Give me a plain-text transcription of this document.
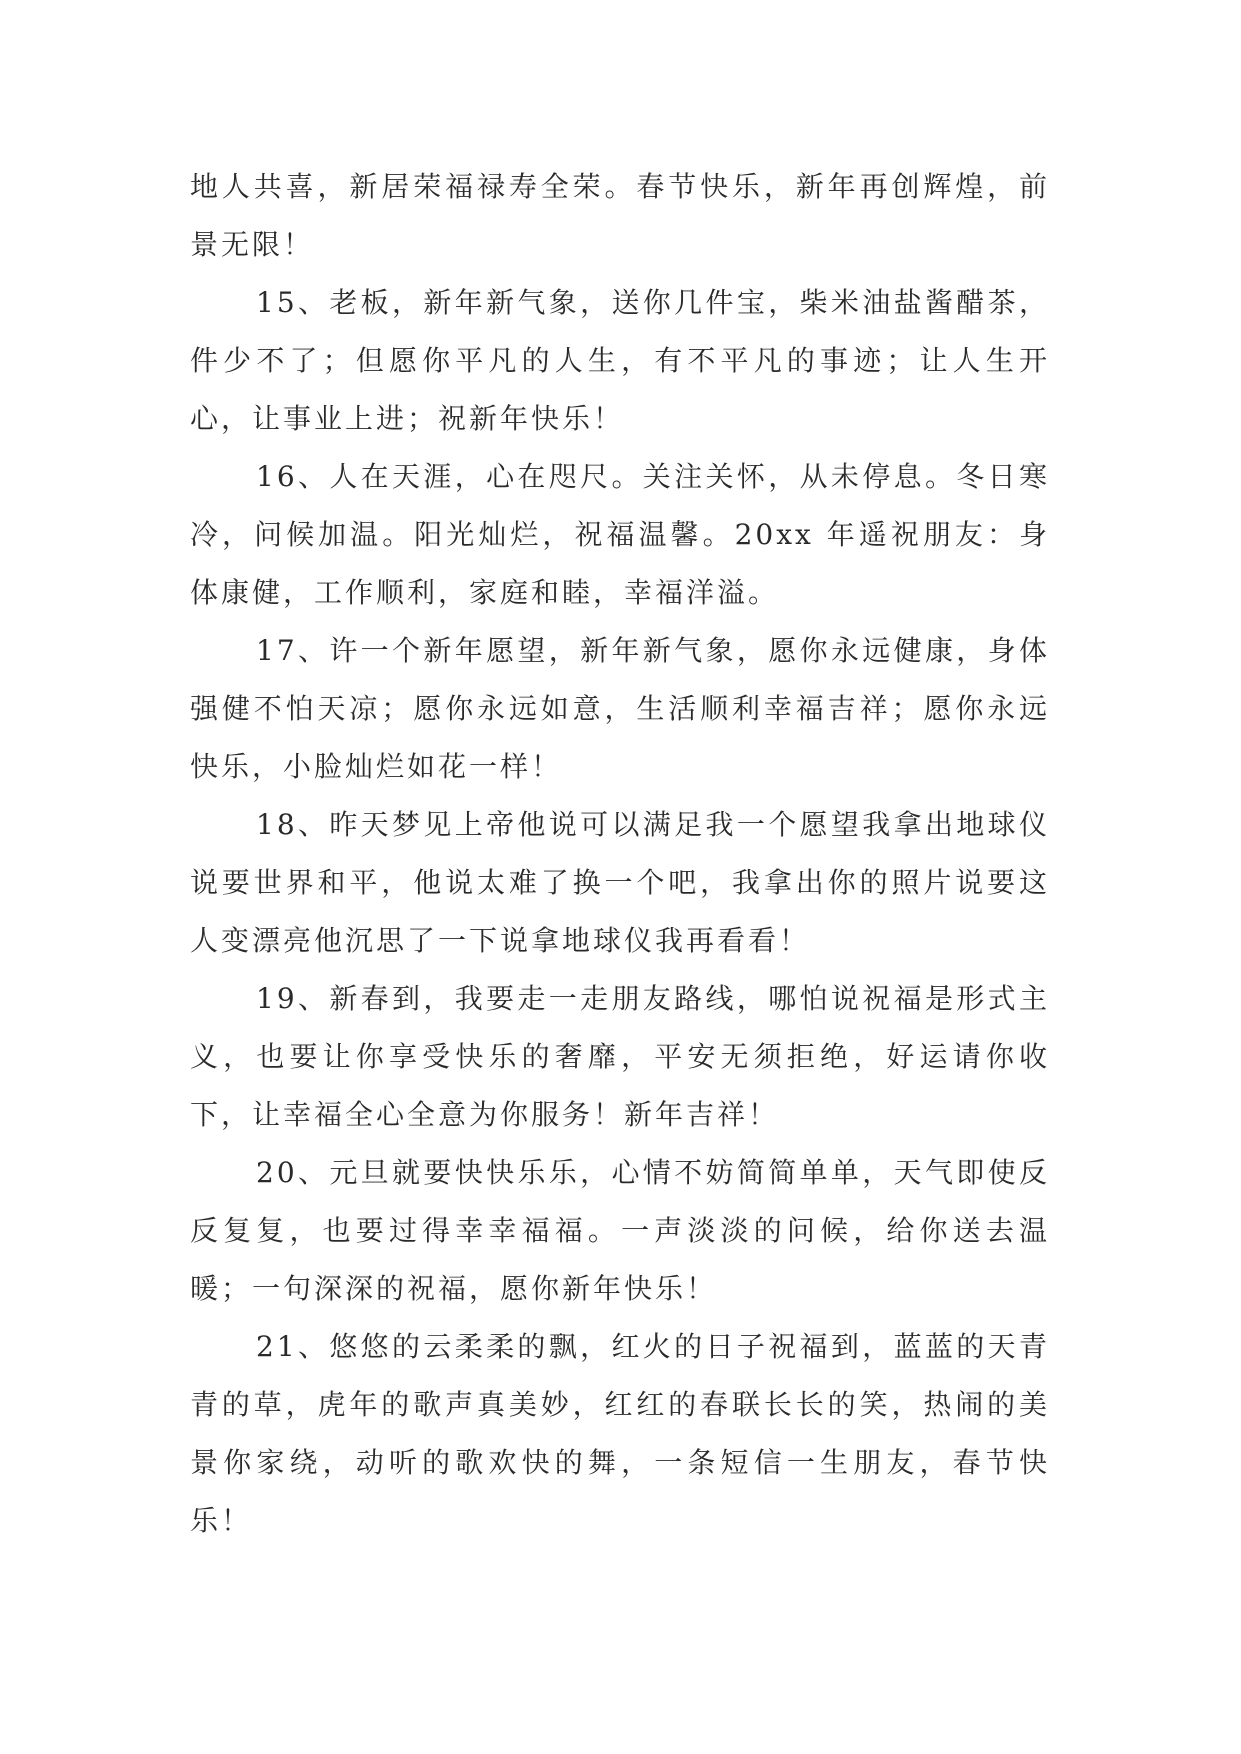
地人共喜，新居荣福禄寿全荣。春节快乐，新年再创辉煌，前景无限！

15、老板，新年新气象，送你几件宝，柴米油盐酱醋茶，件少不了；但愿你平凡的人生，有不平凡的事迹；让人生开心，让事业上进；祝新年快乐！

16、人在天涯，心在咫尺。关注关怀，从未停息。冬日寒冷，问候加温。阳光灿烂，祝福温馨。20xx 年遥祝朋友：身体康健，工作顺利，家庭和睦，幸福洋溢。

17、许一个新年愿望，新年新气象，愿你永远健康，身体强健不怕天凉；愿你永远如意，生活顺利幸福吉祥；愿你永远快乐，小脸灿烂如花一样！

18、昨天梦见上帝他说可以满足我一个愿望我拿出地球仪说要世界和平，他说太难了换一个吧，我拿出你的照片说要这人变漂亮他沉思了一下说拿地球仪我再看看！

19、新春到，我要走一走朋友路线，哪怕说祝福是形式主义，也要让你享受快乐的奢靡，平安无须拒绝，好运请你收下，让幸福全心全意为你服务！新年吉祥！

20、元旦就要快快乐乐，心情不妨简简单单，天气即使反反复复，也要过得幸幸福福。一声淡淡的问候，给你送去温暖；一句深深的祝福，愿你新年快乐！

21、悠悠的云柔柔的飘，红火的日子祝福到，蓝蓝的天青青的草，虎年的歌声真美妙，红红的春联长长的笑，热闹的美景你家绕，动听的歌欢快的舞，一条短信一生朋友，春节快乐！
